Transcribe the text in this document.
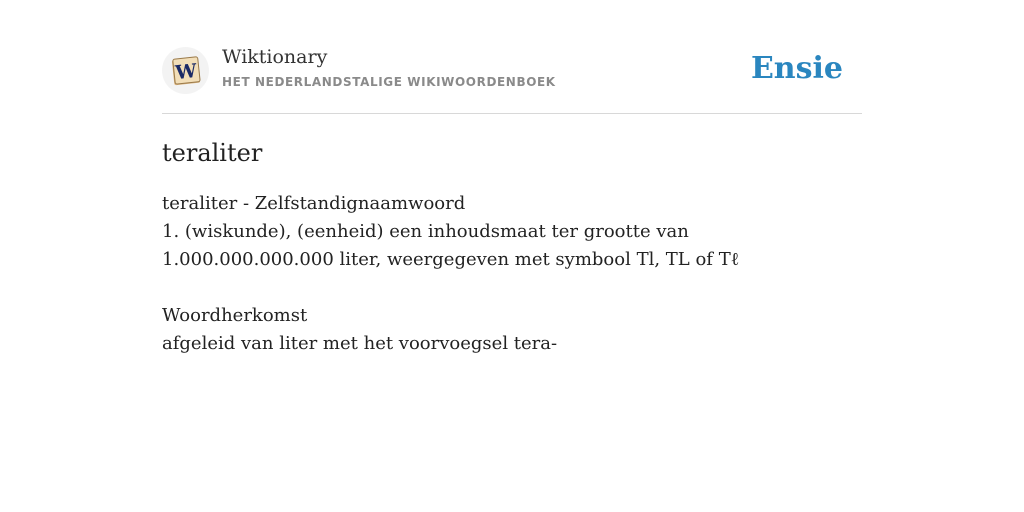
W
Wiktionary
HET NEDERLANDSTALIGE WIKIWOORDENBOEK	Ensie
teraliter

teraliter - Zelfstandignaamwoord

1. (wiskunde), (eenheid) een inhoudsmaat ter grootte van 1.000.000.000.000 liter, weergegeven met symbool Tl, TL of Tℓ

Woordherkomst

afgeleid van liter met het voorvoegsel tera-
